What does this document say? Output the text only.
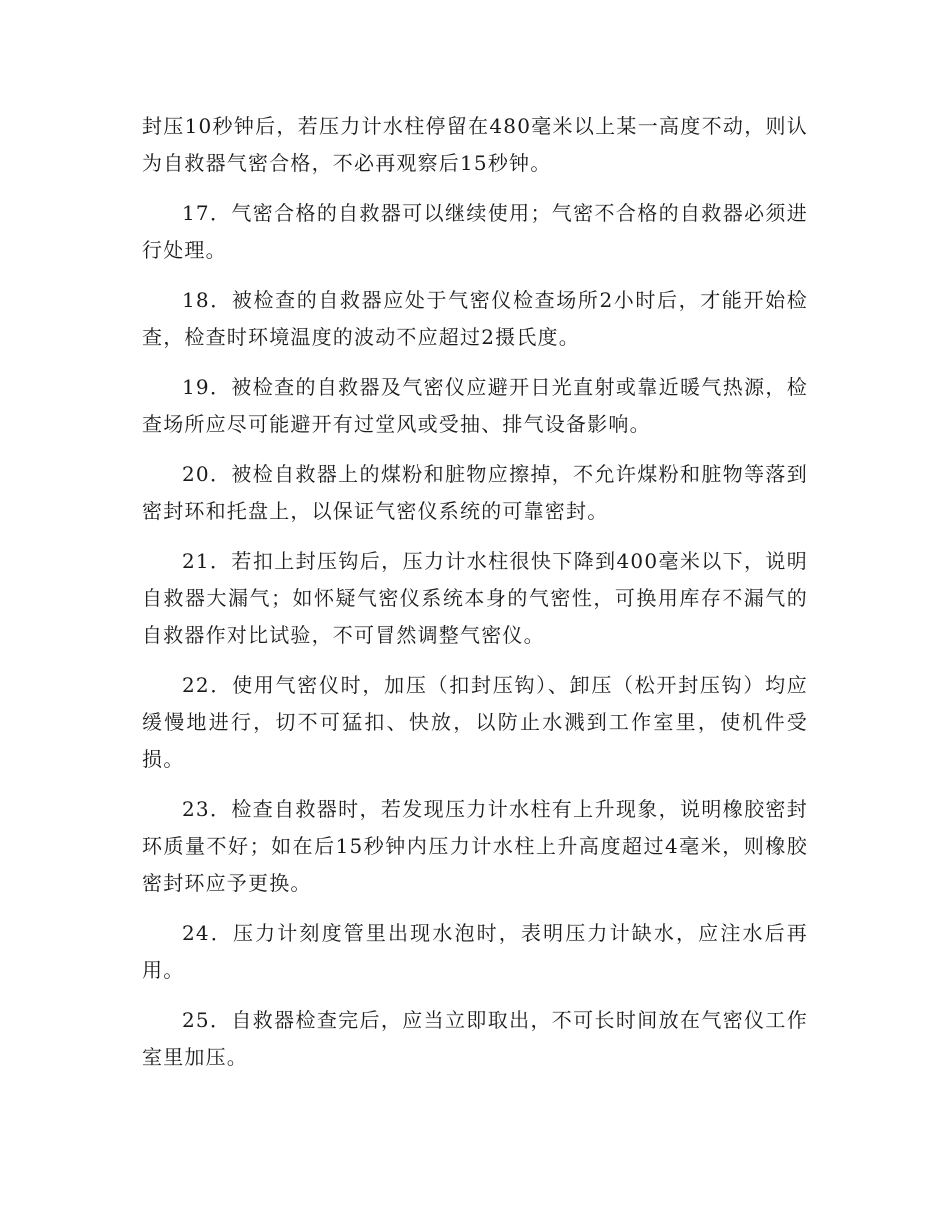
封压10秒钟后，若压力计水柱停留在480毫米以上某一高度不动，则认为自救器气密合格，不必再观察后15秒钟。

17．气密合格的自救器可以继续使用；气密不合格的自救器必须进行处理。

18．被检查的自救器应处于气密仪检查场所2小时后，才能开始检查，检查时环境温度的波动不应超过2摄氏度。

19．被检查的自救器及气密仪应避开日光直射或靠近暖气热源，检查场所应尽可能避开有过堂风或受抽、排气设备影响。

20．被检自救器上的煤粉和脏物应擦掉，不允许煤粉和脏物等落到密封环和托盘上，以保证气密仪系统的可靠密封。

21．若扣上封压钩后，压力计水柱很快下降到400毫米以下，说明自救器大漏气；如怀疑气密仪系统本身的气密性，可换用库存不漏气的自救器作对比试验，不可冒然调整气密仪。

22．使用气密仪时，加压（扣封压钩）、卸压（松开封压钩）均应缓慢地进行，切不可猛扣、快放，以防止水溅到工作室里，使机件受损。

23．检查自救器时，若发现压力计水柱有上升现象，说明橡胶密封环质量不好；如在后15秒钟内压力计水柱上升高度超过4毫米，则橡胶密封环应予更换。

24．压力计刻度管里出现水泡时，表明压力计缺水，应注水后再用。

25．自救器检查完后，应当立即取出，不可长时间放在气密仪工作室里加压。
